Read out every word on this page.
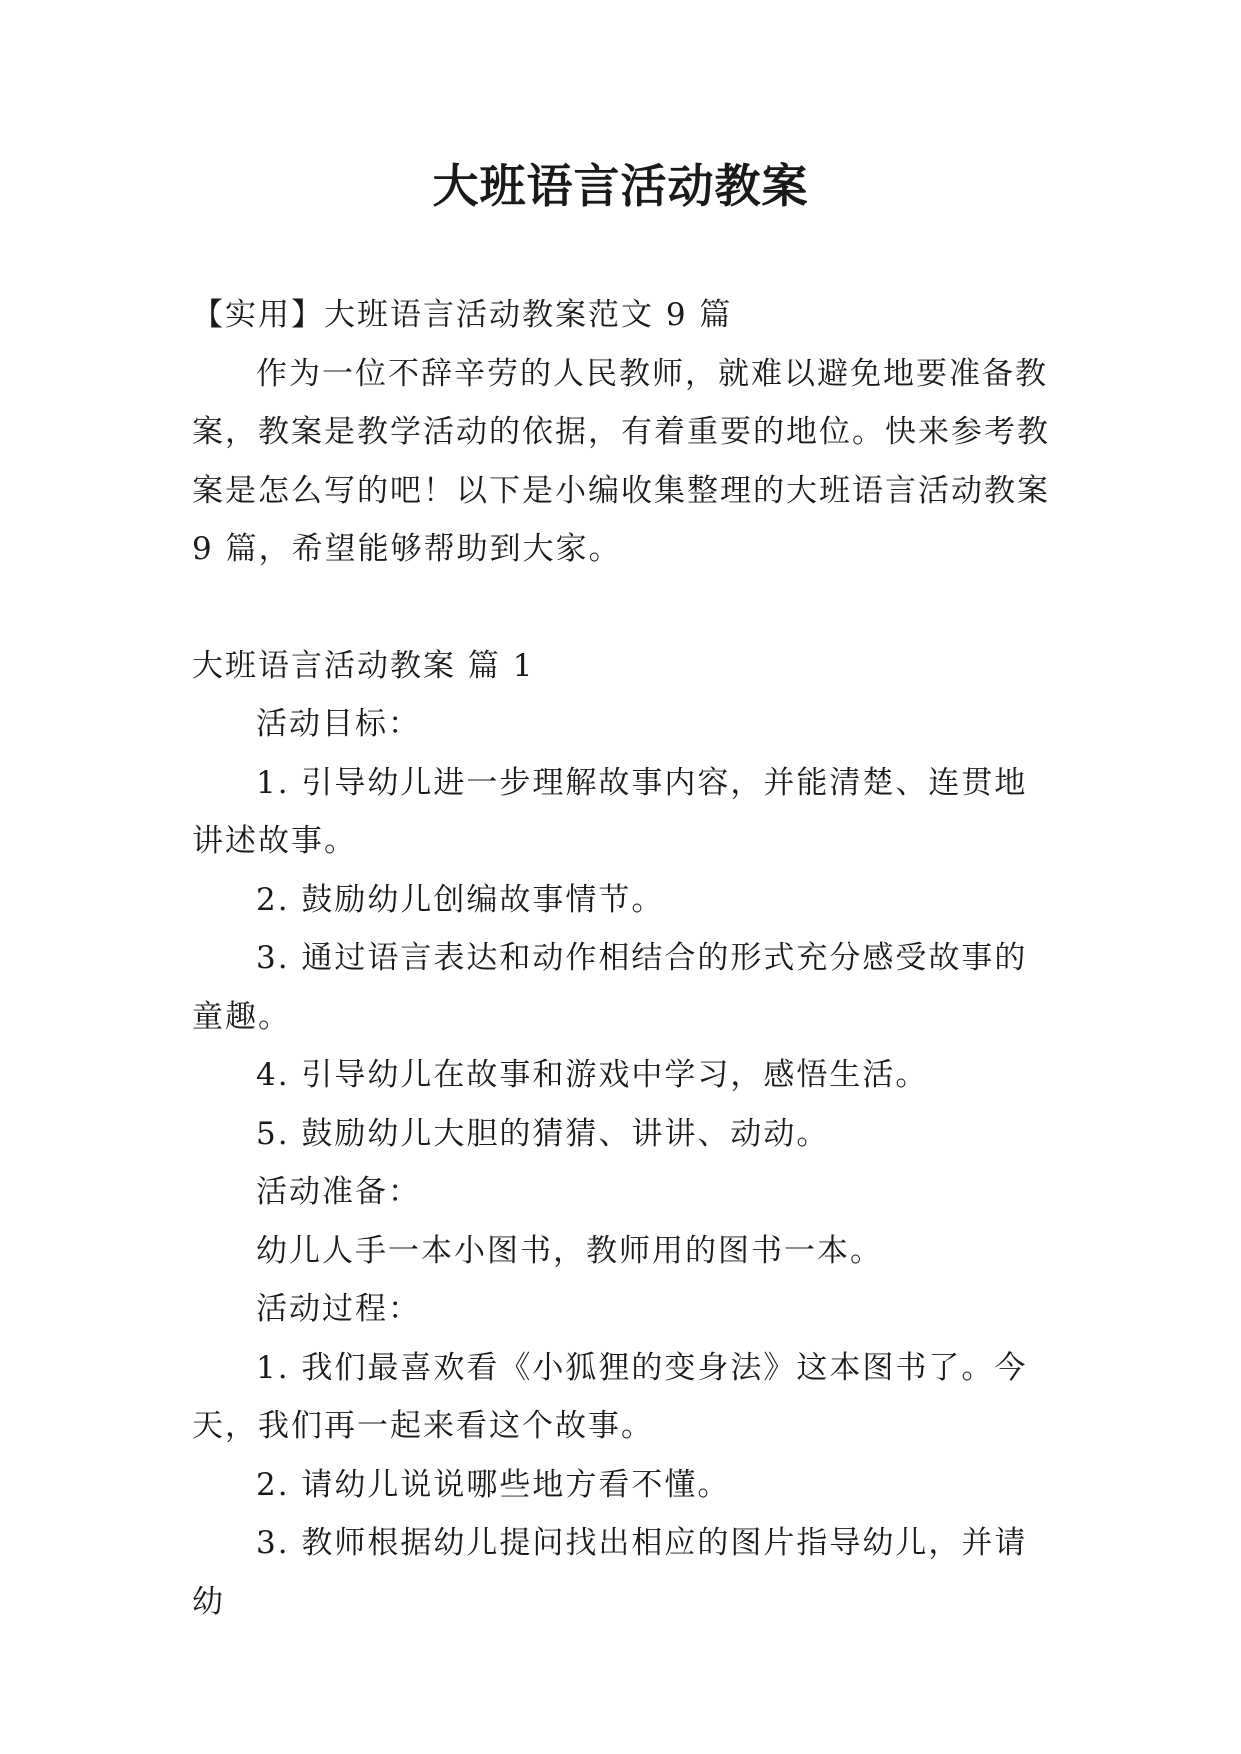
大班语言活动教案

【实用】大班语言活动教案范文 9 篇

作为一位不辞辛劳的人民教师，就难以避免地要准备教案，教案是教学活动的依据，有着重要的地位。快来参考教案是怎么写的吧！以下是小编收集整理的大班语言活动教案 9 篇，希望能够帮助到大家。

大班语言活动教案 篇 1

活动目标：

1. 引导幼儿进一步理解故事内容，并能清楚、连贯地讲述故事。

2. 鼓励幼儿创编故事情节。

3. 通过语言表达和动作相结合的形式充分感受故事的童趣。

4. 引导幼儿在故事和游戏中学习，感悟生活。

5. 鼓励幼儿大胆的猜猜、讲讲、动动。

活动准备：

幼儿人手一本小图书，教师用的图书一本。

活动过程：

1. 我们最喜欢看《小狐狸的变身法》这本图书了。今天，我们再一起来看这个故事。

2. 请幼儿说说哪些地方看不懂。

3. 教师根据幼儿提问找出相应的图片指导幼儿，并请幼
